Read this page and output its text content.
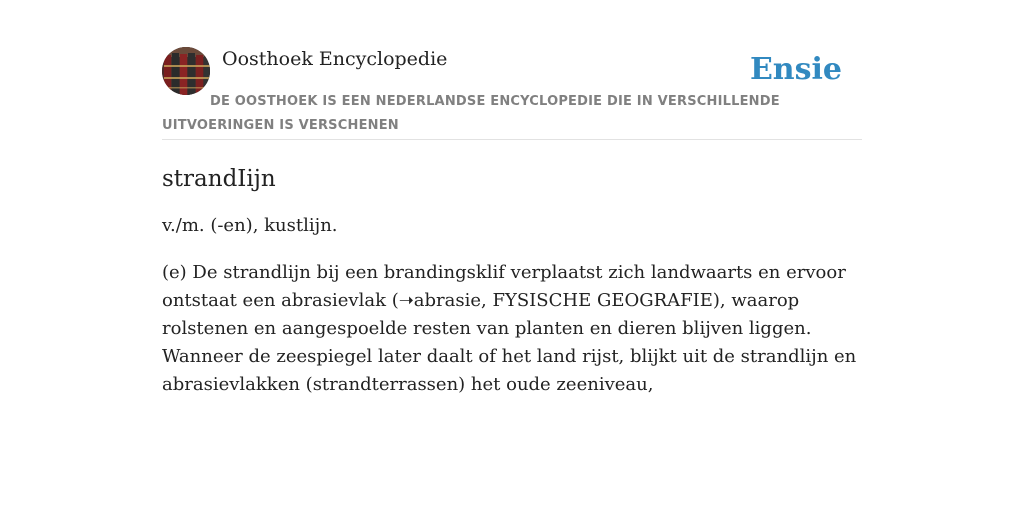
Oosthoek Encyclopedie	Ensie
DE OOSTHOEK IS EEN NEDERLANDSE ENCYCLOPEDIE DIE IN VERSCHILLENDE UITVOERINGEN IS VERSCHENEN
strandIijn

v./m. (-en), kustlijn.

(e) De strandlijn bij een brandingsklif verplaatst zich landwaarts en ervoor ontstaat een abrasievlak (➝abrasie, FYSISCHE GEOGRAFIE), waarop rolstenen en aangespoelde resten van planten en dieren blijven liggen. Wanneer de zeespiegel later daalt of het land rijst, blijkt uit de strandlijn en abrasievlakken (strandterrassen) het oude zeeniveau,
